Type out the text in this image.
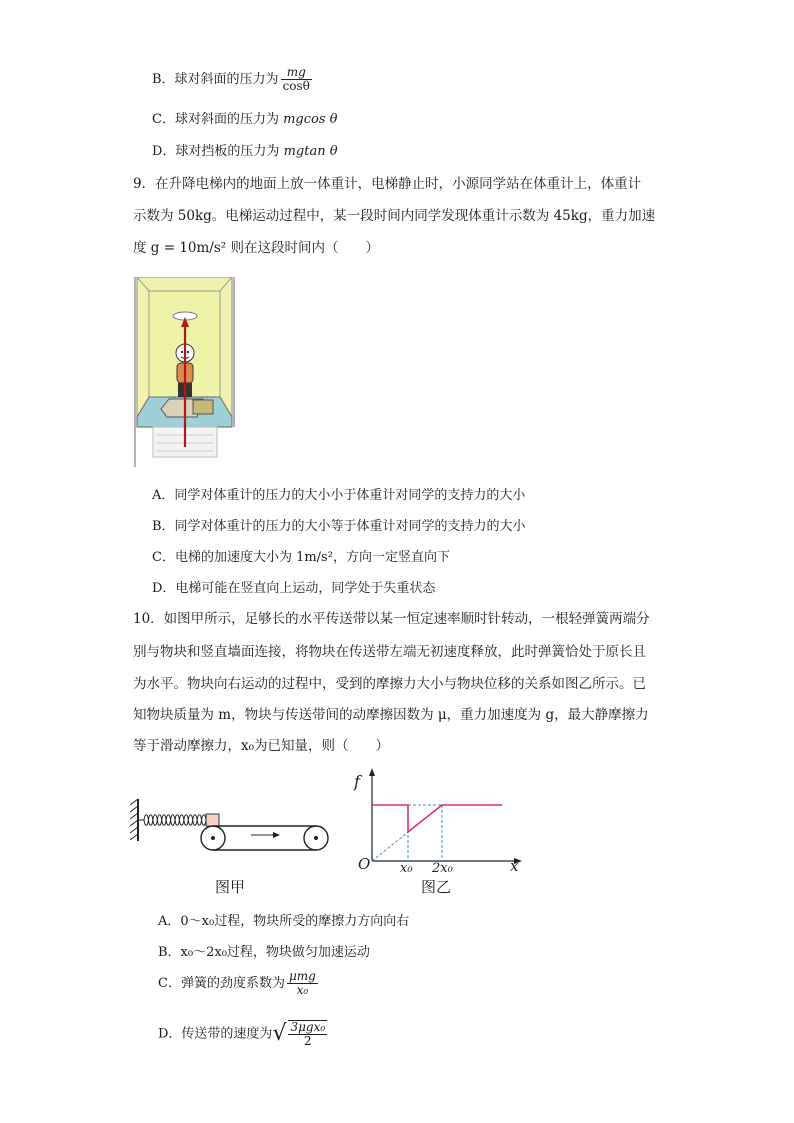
B．球对斜面的压力为 $\frac{mg}{\cos\theta}$
C．球对斜面的压力为 mgcos θ
D．球对挡板的压力为 mgtan θ
9．在升降电梯内的地面上放一体重计，电梯静止时，小源同学站在体重计上，体重计
示数为 50kg。电梯运动过程中，某一段时间内同学发现体重计示数为 45kg，重力加速
度 g = 10m/s² 则在这段时间内（　　）
A．同学对体重计的压力的大小小于体重计对同学的支持力的大小
B．同学对体重计的压力的大小等于体重计对同学的支持力的大小
C．电梯的加速度大小为 1m/s²，方向一定竖直向下
D．电梯可能在竖直向上运动，同学处于失重状态
10．如图甲所示，足够长的水平传送带以某一恒定速率顺时针转动，一根轻弹簧两端分
别与物块和竖直墙面连接，将物块在传送带左端无初速度释放，此时弹簧恰处于原长且
为水平。物块向右运动的过程中，受到的摩擦力大小与物块位移的关系如图乙所示。已
知物块质量为 m，物块与传送带间的动摩擦因数为 μ，重力加速度为 g，最大静摩擦力
等于滑动摩擦力，x₀为已知量，则（　　）
图甲
f
O x₀ 2x₀	x
图乙
A．0～x₀过程，物块所受的摩擦力方向向右
B．x₀～2x₀过程，物块做匀加速运动
C．弹簧的劲度系数为 $\frac{\text{μmg}}{\text{x₀}}$
D．传送带的速度为√ $\frac{\text{3μgx₀}}{2}$
